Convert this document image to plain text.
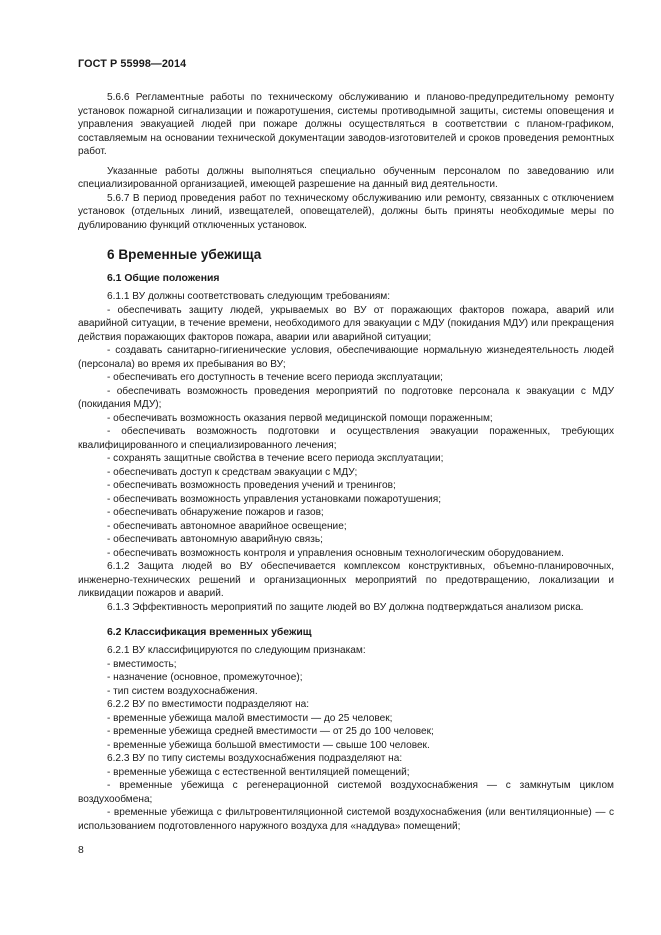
ГОСТ Р 55998—2014

5.6.6 Регламентные работы по техническому обслуживанию и планово-предупредительному ремонту установок пожарной сигнализации и пожаротушения, системы противодымной защиты, системы оповещения и управления эвакуацией людей при пожаре должны осуществляться в соответствии с планом-графиком, составляемым на основании технической документации заводов-изготовителей и сроков проведения ремонтных работ.

Указанные работы должны выполняться специально обученным персоналом по заведованию или специализированной организацией, имеющей разрешение на данный вид деятельности.

5.6.7 В период проведения работ по техническому обслуживанию или ремонту, связанных с отключением установок (отдельных линий, извещателей, оповещателей), должны быть приняты необходимые меры по дублированию функций отключенных установок.

6 Временные убежища
6.1 Общие положения

6.1.1 ВУ должны соответствовать следующим требованиям:

- обеспечивать защиту людей, укрываемых во ВУ от поражающих факторов пожара, аварий или аварийной ситуации, в течение времени, необходимого для эвакуации с МДУ (покидания МДУ) или прекращения действия поражающих факторов пожара, аварии или аварийной ситуации;

- создавать санитарно-гигиенические условия, обеспечивающие нормальную жизнедеятельность людей (персонала) во время их пребывания во ВУ;

- обеспечивать его доступность в течение всего периода эксплуатации;

- обеспечивать возможность проведения мероприятий по подготовке персонала к эвакуации с МДУ (покидания МДУ);

- обеспечивать возможность оказания первой медицинской помощи пораженным;

- обеспечивать возможность подготовки и осуществления эвакуации пораженных, требующих квалифицированного и специализированного лечения;

- сохранять защитные свойства в течение всего периода эксплуатации;

- обеспечивать доступ к средствам эвакуации с МДУ;

- обеспечивать возможность проведения учений и тренингов;

- обеспечивать возможность управления установками пожаротушения;

- обеспечивать обнаружение пожаров и газов;

- обеспечивать автономное аварийное освещение;

- обеспечивать автономную аварийную связь;

- обеспечивать возможность контроля и управления основным технологическим оборудованием.

6.1.2 Защита людей во ВУ обеспечивается комплексом конструктивных, объемно-планировочных, инженерно-технических решений и организационных мероприятий по предотвращению, локализации и ликвидации пожаров и аварий.

6.1.3 Эффективность мероприятий по защите людей во ВУ должна подтверждаться анализом риска.

6.2 Классификация временных убежищ

6.2.1 ВУ классифицируются по следующим признакам:

- вместимость;

- назначение (основное, промежуточное);

- тип систем воздухоснабжения.

6.2.2 ВУ по вместимости подразделяют на:

- временные убежища малой вместимости — до 25 человек;

- временные убежища средней вместимости — от 25 до 100 человек;

- временные убежища большой вместимости — свыше 100 человек.

6.2.3 ВУ по типу системы воздухоснабжения подразделяют на:

- временные убежища с естественной вентиляцией помещений;

- временные убежища с регенерационной системой воздухоснабжения — с замкнутым циклом воздухообмена;

- временные убежища с фильтровентиляционной системой воздухоснабжения (или вентиляционные) — с использованием подготовленного наружного воздуха для «наддува» помещений;

8
